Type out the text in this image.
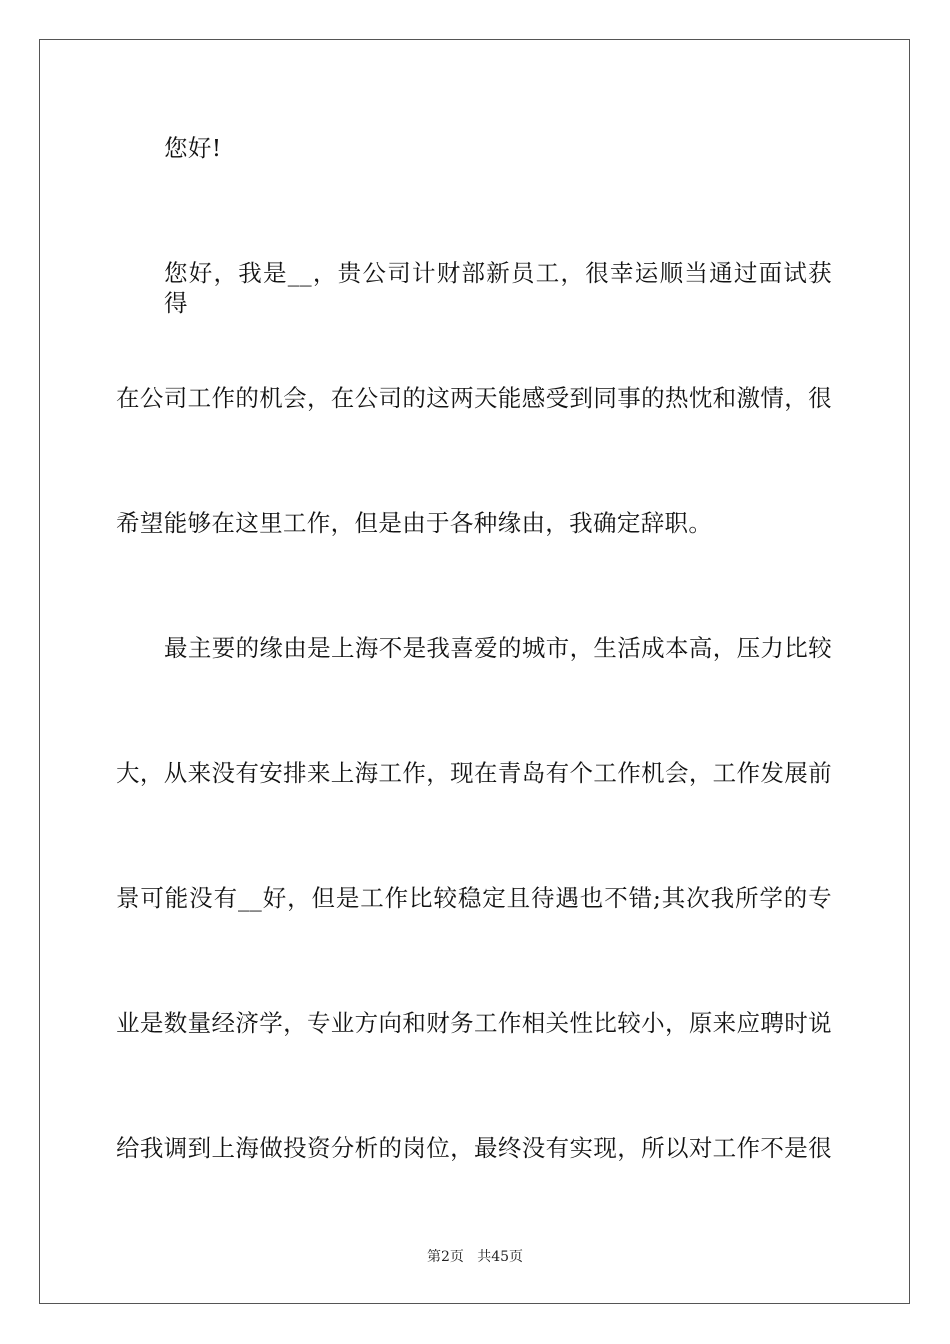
您好!
您好，我是__，贵公司计财部新员工，很幸运顺当通过面试获得
在公司工作的机会，在公司的这两天能感受到同事的热忱和激情，很
希望能够在这里工作，但是由于各种缘由，我确定辞职。
最主要的缘由是上海不是我喜爱的城市，生活成本高，压力比较
大，从来没有安排来上海工作，现在青岛有个工作机会，工作发展前
景可能没有__好，但是工作比较稳定且待遇也不错;其次我所学的专
业是数量经济学，专业方向和财务工作相关性比较小，原来应聘时说
给我调到上海做投资分析的岗位，最终没有实现，所以对工作不是很
第2页   共45页
